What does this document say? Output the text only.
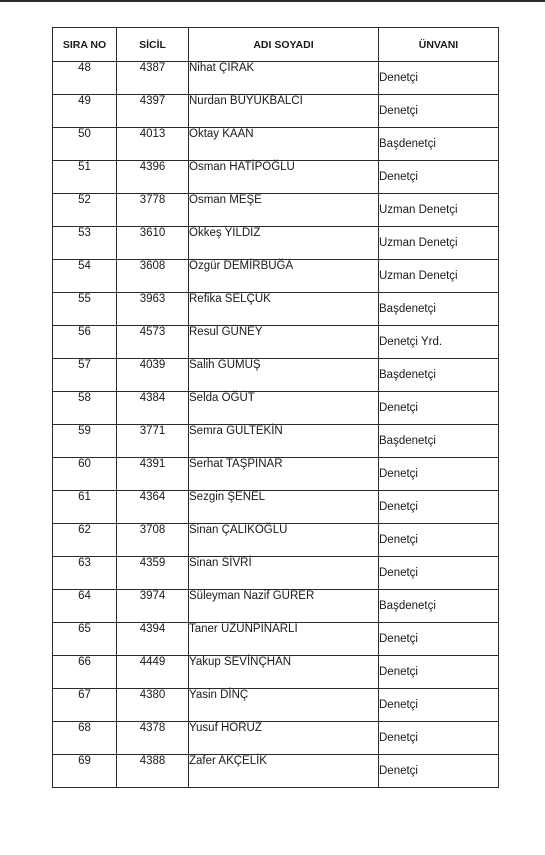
SIRA NO	SİCİL	ADI SOYADI	ÜNVANI
48	4387	Nihat ÇIRAK	Denetçi
49	4397	Nurdan BÜYÜKBALCI	Denetçi
50	4013	Oktay KAAN	Başdenetçi
51	4396	Osman HATİPOĞLU	Denetçi
52	3778	Osman MEŞE	Uzman Denetçi
53	3610	Ökkeş YILDIZ	Uzman Denetçi
54	3608	Özgür DEMİRBUĞA	Uzman Denetçi
55	3963	Refika SELÇUK	Başdenetçi
56	4573	Resul GÜNEY	Denetçi Yrd.
57	4039	Salih GÜMÜŞ	Başdenetçi
58	4384	Selda ÖĞÜT	Denetçi
59	3771	Semra GÜLTEKİN	Başdenetçi
60	4391	Serhat TAŞPINAR	Denetçi
61	4364	Sezgin ŞENEL	Denetçi
62	3708	Sinan ÇALIKOĞLU	Denetçi
63	4359	Sinan SİVRİ	Denetçi
64	3974	Süleyman Nazif GÜRER	Başdenetçi
65	4394	Taner UZUNPINARLI	Denetçi
66	4449	Yakup SEVİNÇHAN	Denetçi
67	4380	Yasin DİNÇ	Denetçi
68	4378	Yusuf HORUZ	Denetçi
69	4388	Zafer AKÇELİK	Denetçi
